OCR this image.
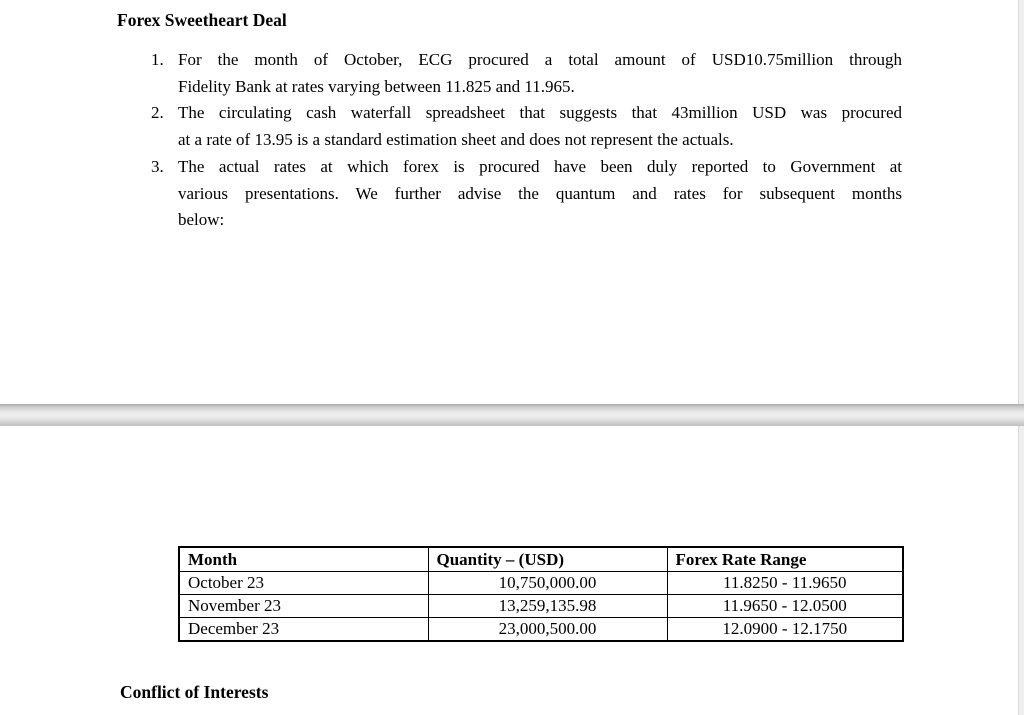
Forex Sweetheart Deal
1. For the month of October, ECG procured a total amount of USD10.75million through
Fidelity Bank at rates varying between 11.825 and 11.965.
2. The circulating cash waterfall spreadsheet that suggests that 43million USD was procured
at a rate of 13.95 is a standard estimation sheet and does not represent the actuals.
3. The actual rates at which forex is procured have been duly reported to Government at
various presentations. We further advise the quantum and rates for subsequent months
below:
Month	Quantity – (USD)	Forex Rate Range
October 23	10,750,000.00	11.8250 - 11.9650
November 23	13,259,135.98	11.9650 - 12.0500
December 23	23,000,500.00	12.0900 - 12.1750
Conflict of Interests
